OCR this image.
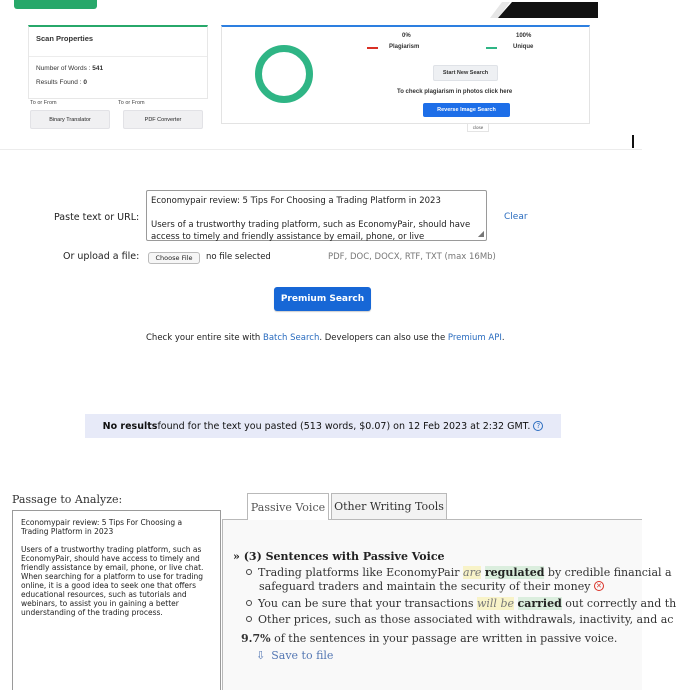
Scan Properties
Number of Words : 541
Results Found : 0
To or From	To or From
Binary Translator	PDF Converter
0%
Plagiarism
100%
Unique
Start New Search
To check plagiarism in photos click here
Reverse Image Search
close
Paste text or URL:
Economypair review: 5 Tips For Choosing a Trading Platform in 2023
Users of a trustworthy trading platform, such as EconomyPair, should have access to timely and friendly assistance by email, phone, or live	◢
Clear
Or upload a file:	Choose File	no file selected	PDF, DOC, DOCX, RTF, TXT (max 16Mb)
Premium Search
Check your entire site with Batch Search. Developers can also use the Premium API.
No results found for the text you pasted (513 words, $0.07) on 12 Feb 2023 at 2:32 GMT. ?
Passage to Analyze:
Economypair review: 5 Tips For Choosing a Trading Platform in 2023
Users of a trustworthy trading platform, such as EconomyPair, should have access to timely and friendly assistance by email, phone, or live chat. When searching for a platform to use for trading online, it is a good idea to seek one that offers educational resources, such as tutorials and webinars, to assist you in gaining a better understanding of the trading process.
Passive Voice Other Writing Tools
» (3) Sentences with Passive Voice
Trading platforms like EconomyPair are regulated by credible financial a
safeguard traders and maintain the security of their money ✕
You can be sure that your transactions will be carried out correctly and th
Other prices, such as those associated with withdrawals, inactivity, and ac
9.7% of the sentences in your passage are written in passive voice.
⇩ Save to file
